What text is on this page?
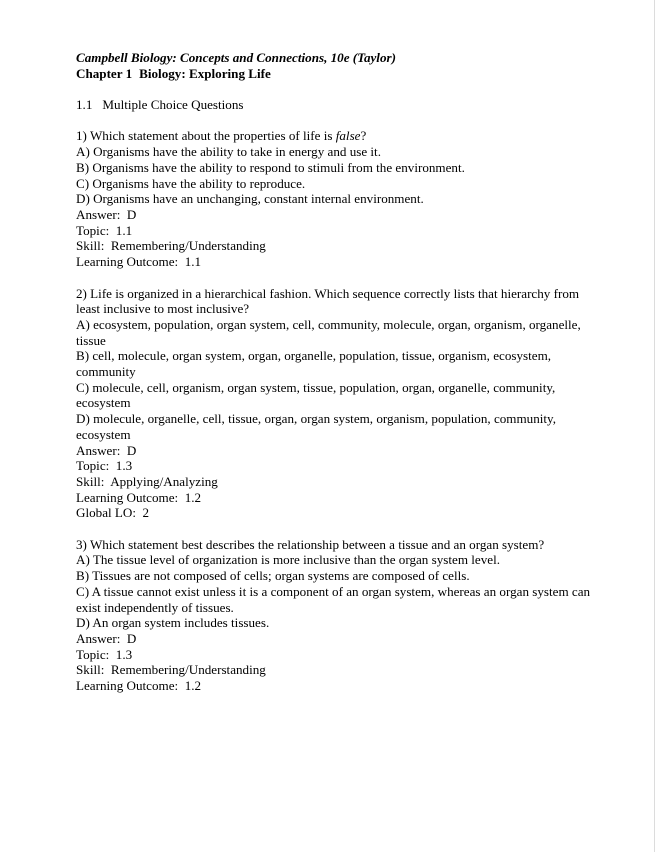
Campbell Biology: Concepts and Connections, 10e (Taylor)
Chapter 1 Biology: Exploring Life
1.1 Multiple Choice Questions
1) Which statement about the properties of life is false?
A) Organisms have the ability to take in energy and use it.
B) Organisms have the ability to respond to stimuli from the environment.
C) Organisms have the ability to reproduce.
D) Organisms have an unchanging, constant internal environment.
Answer:  D
Topic:  1.1
Skill:  Remembering/Understanding
Learning Outcome:  1.1
2) Life is organized in a hierarchical fashion. Which sequence correctly lists that hierarchy from least inclusive to most inclusive?
A) ecosystem, population, organ system, cell, community, molecule, organ, organism, organelle, tissue
B) cell, molecule, organ system, organ, organelle, population, tissue, organism, ecosystem, community
C) molecule, cell, organism, organ system, tissue, population, organ, organelle, community, ecosystem
D) molecule, organelle, cell, tissue, organ, organ system, organism, population, community, ecosystem
Answer:  D
Topic:  1.3
Skill:  Applying/Analyzing
Learning Outcome:  1.2
Global LO:  2
3) Which statement best describes the relationship between a tissue and an organ system?
A) The tissue level of organization is more inclusive than the organ system level.
B) Tissues are not composed of cells; organ systems are composed of cells.
C) A tissue cannot exist unless it is a component of an organ system, whereas an organ system can exist independently of tissues.
D) An organ system includes tissues.
Answer:  D
Topic:  1.3
Skill:  Remembering/Understanding
Learning Outcome:  1.2
